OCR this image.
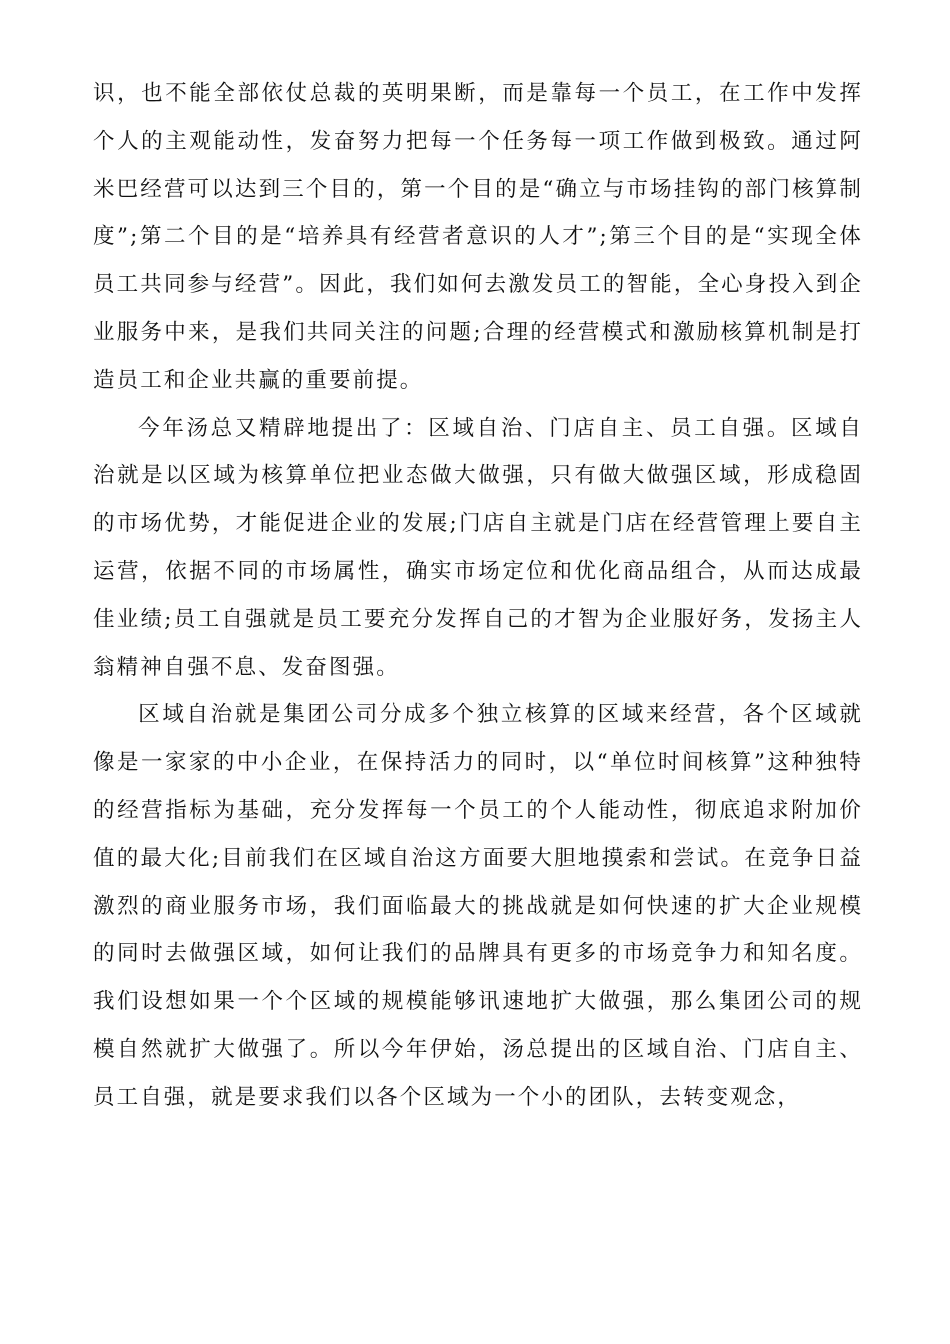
识，也不能全部依仗总裁的英明果断，而是靠每一个员工，在工作中发挥个人的主观能动性，发奋努力把每一个任务每一项工作做到极致。通过阿米巴经营可以达到三个目的，第一个目的是“确立与市场挂钩的部门核算制度”;第二个目的是“培养具有经营者意识的人才”;第三个目的是“实现全体员工共同参与经营”。因此，我们如何去激发员工的智能，全心身投入到企业服务中来，是我们共同关注的问题;合理的经营模式和激励核算机制是打造员工和企业共赢的重要前提。

今年汤总又精辟地提出了：区域自治、门店自主、员工自强。区域自治就是以区域为核算单位把业态做大做强，只有做大做强区域，形成稳固的市场优势，才能促进企业的发展;门店自主就是门店在经营管理上要自主运营，依据不同的市场属性，确实市场定位和优化商品组合，从而达成最佳业绩;员工自强就是员工要充分发挥自己的才智为企业服好务，发扬主人翁精神自强不息、发奋图强。

区域自治就是集团公司分成多个独立核算的区域来经营，各个区域就像是一家家的中小企业，在保持活力的同时，以“单位时间核算”这种独特的经营指标为基础，充分发挥每一个员工的个人能动性，彻底追求附加价值的最大化;目前我们在区域自治这方面要大胆地摸索和尝试。在竞争日益激烈的商业服务市场，我们面临最大的挑战就是如何快速的扩大企业规模的同时去做强区域，如何让我们的品牌具有更多的市场竞争力和知名度。我们设想如果一个个区域的规模能够讯速地扩大做强，那么集团公司的规模自然就扩大做强了。所以今年伊始，汤总提出的区域自治、门店自主、员工自强，就是要求我们以各个区域为一个小的团队，去转变观念，
